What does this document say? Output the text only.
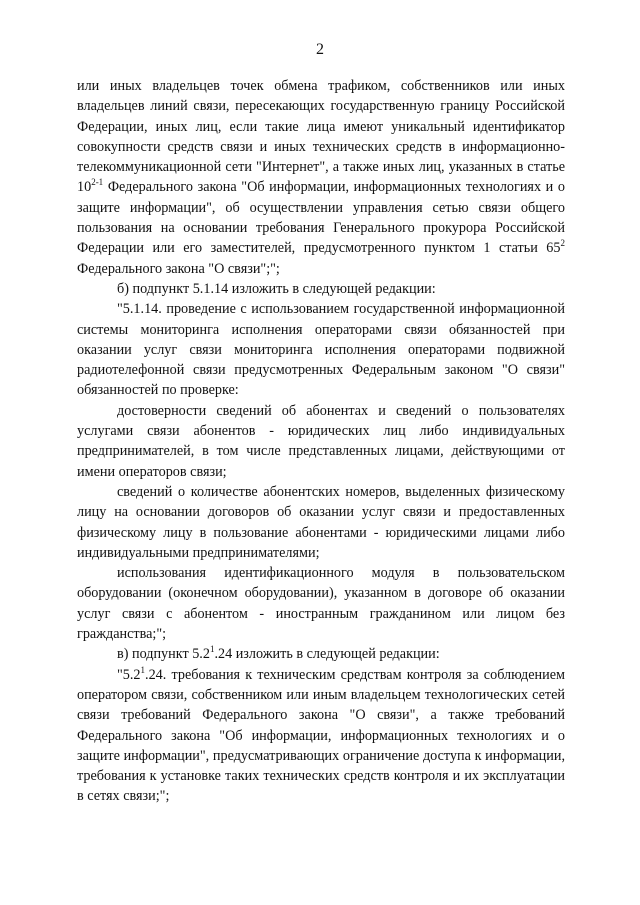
2

или иных владельцев точек обмена трафиком, собственников или иных владельцев линий связи, пересекающих государственную границу Российской Федерации, иных лиц, если такие лица имеют уникальный идентификатор совокупности средств связи и иных технических средств в информационно-телекоммуникационной сети "Интернет", а также иных лиц, указанных в статье 10$^{2-1}$ Федерального закона "Об информации, информационных технологиях и о защите информации", об осуществлении управления сетью связи общего пользования на основании требования Генерального прокурора Российской Федерации или его заместителей, предусмотренного пунктом 1 статьи $65^2$ Федерального закона "О связи";";

б) подпункт 5.1.14 изложить в следующей редакции:

"5.1.14. проведение с использованием государственной информационной системы мониторинга исполнения операторами связи обязанностей при оказании услуг связи мониторинга исполнения операторами подвижной радиотелефонной связи предусмотренных Федеральным законом "О связи" обязанностей по проверке:

достоверности сведений об абонентах и сведений о пользователях услугами связи абонентов - юридических лиц либо индивидуальных предпринимателей, в том числе представленных лицами, действующими от имени операторов связи;

сведений о количестве абонентских номеров, выделенных физическому лицу на основании договоров об оказании услуг связи и предоставленных физическому лицу в пользование абонентами - юридическими лицами либо индивидуальными предпринимателями;

использования идентификационного модуля в пользовательском оборудовании (оконечном оборудовании), указанном в договоре об оказании услуг связи с абонентом - иностранным гражданином или лицом без гражданства;";

в) подпункт $5.2^1.24$ изложить в следующей редакции:

"$5.2^1.24$. требования к техническим средствам контроля за соблюдением оператором связи, собственником или иным владельцем технологических сетей связи требований Федерального закона "О связи", а также требований Федерального закона "Об информации, информационных технологиях и о защите информации", предусматривающих ограничение доступа к информации, требования к установке таких технических средств контроля и их эксплуатации в сетях связи;";
